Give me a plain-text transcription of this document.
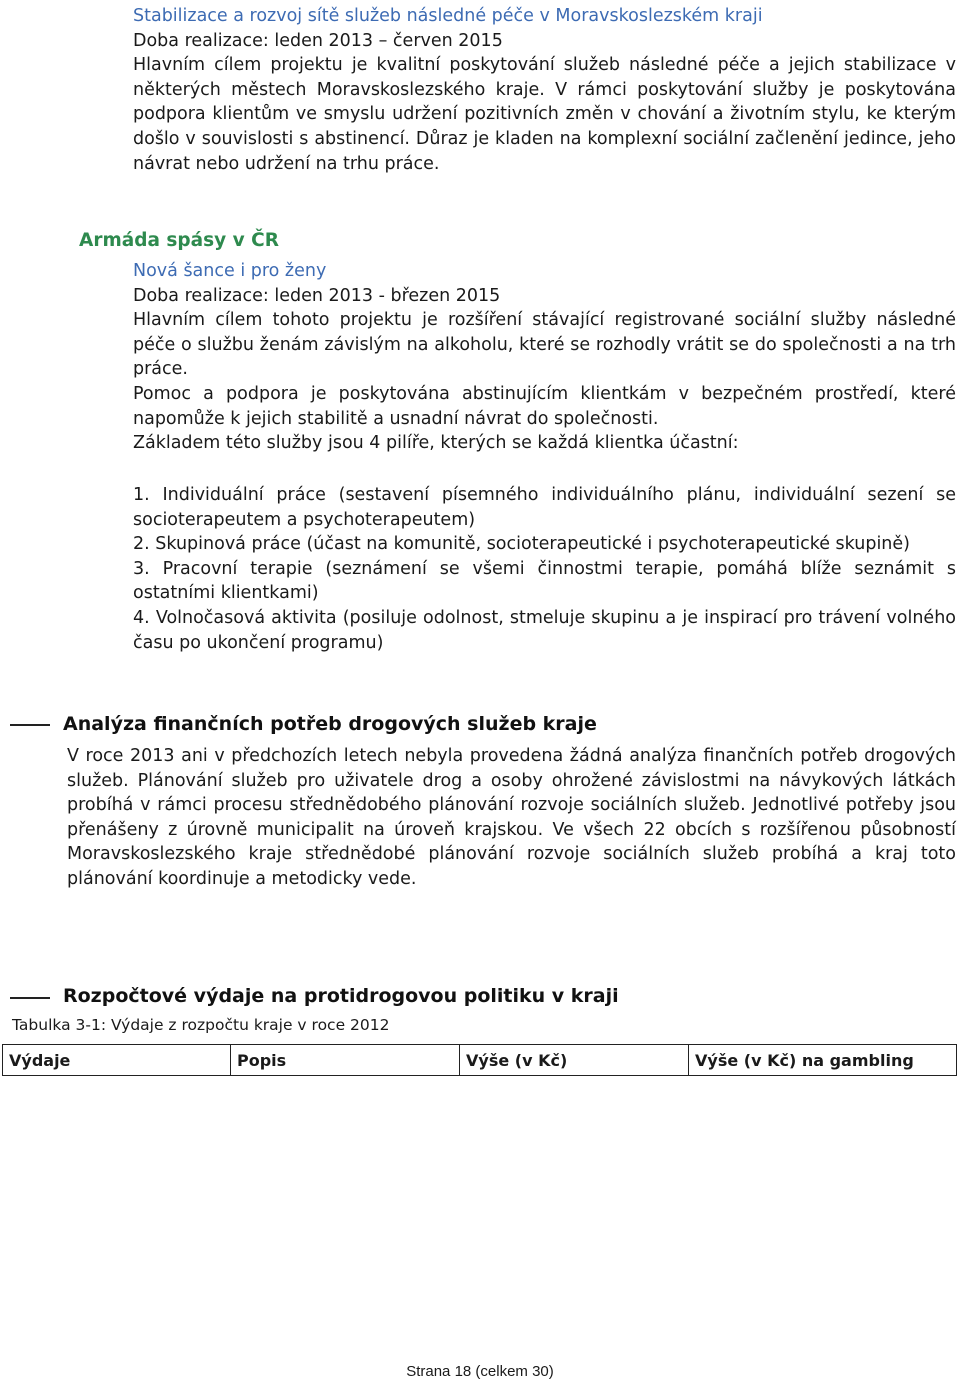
Stabilizace a rozvoj sítě služeb následné péče v Moravskoslezském kraji

Doba realizace: leden 2013 – červen 2015

Hlavním cílem projektu je kvalitní poskytování služeb následné péče a jejich stabilizace v některých městech Moravskoslezského kraje. V rámci poskytování služby je poskytována podpora klientům ve smyslu udržení pozitivních změn v chování a životním stylu, ke kterým došlo v souvislosti s abstinencí. Důraz je kladen na komplexní sociální začlenění jedince, jeho návrat nebo udržení na trhu práce.

Armáda spásy v ČR

Nová šance i pro ženy

Doba realizace: leden 2013 - březen 2015

Hlavním cílem tohoto projektu je rozšíření stávající registrované sociální služby následné péče o službu ženám závislým na alkoholu, které se rozhodly vrátit se do společnosti a na trh práce.

Pomoc a podpora je poskytována abstinujícím klientkám v bezpečném prostředí, které napomůže k jejich stabilitě a usnadní návrat do společnosti.

Základem této služby jsou 4 pilíře, kterých se každá klientka účastní:

1. Individuální práce (sestavení písemného individuálního plánu, individuální sezení se socioterapeutem a psychoterapeutem)

2. Skupinová práce (účast na komunitě, socioterapeutické i psychoterapeutické skupině)

3. Pracovní terapie (seznámení se všemi činnostmi terapie, pomáhá blíže seznámit s ostatními klientkami)

4. Volnočasová aktivita (posiluje odolnost, stmeluje skupinu a je inspirací pro trávení volného času po ukončení programu)

Analýza finančních potřeb drogových služeb kraje
V roce 2013 ani v předchozích letech nebyla provedena žádná analýza finančních potřeb drogových služeb. Plánování služeb pro uživatele drog a osoby ohrožené závislostmi na návykových látkách probíhá v rámci procesu střednědobého plánování rozvoje sociálních služeb. Jednotlivé potřeby jsou přenášeny z úrovně municipalit na úroveň krajskou. Ve všech 22 obcích s rozšířenou působností Moravskoslezského kraje střednědobé plánování rozvoje sociálních služeb probíhá a kraj toto plánování koordinuje a metodicky vede.
Rozpočtové výdaje na protidrogovou politiku v kraji
Tabulka 3-1: Výdaje z rozpočtu kraje v roce 2012
Výdaje	Popis	Výše (v Kč)	Výše (v Kč) na gambling
Strana 18 (celkem 30)
